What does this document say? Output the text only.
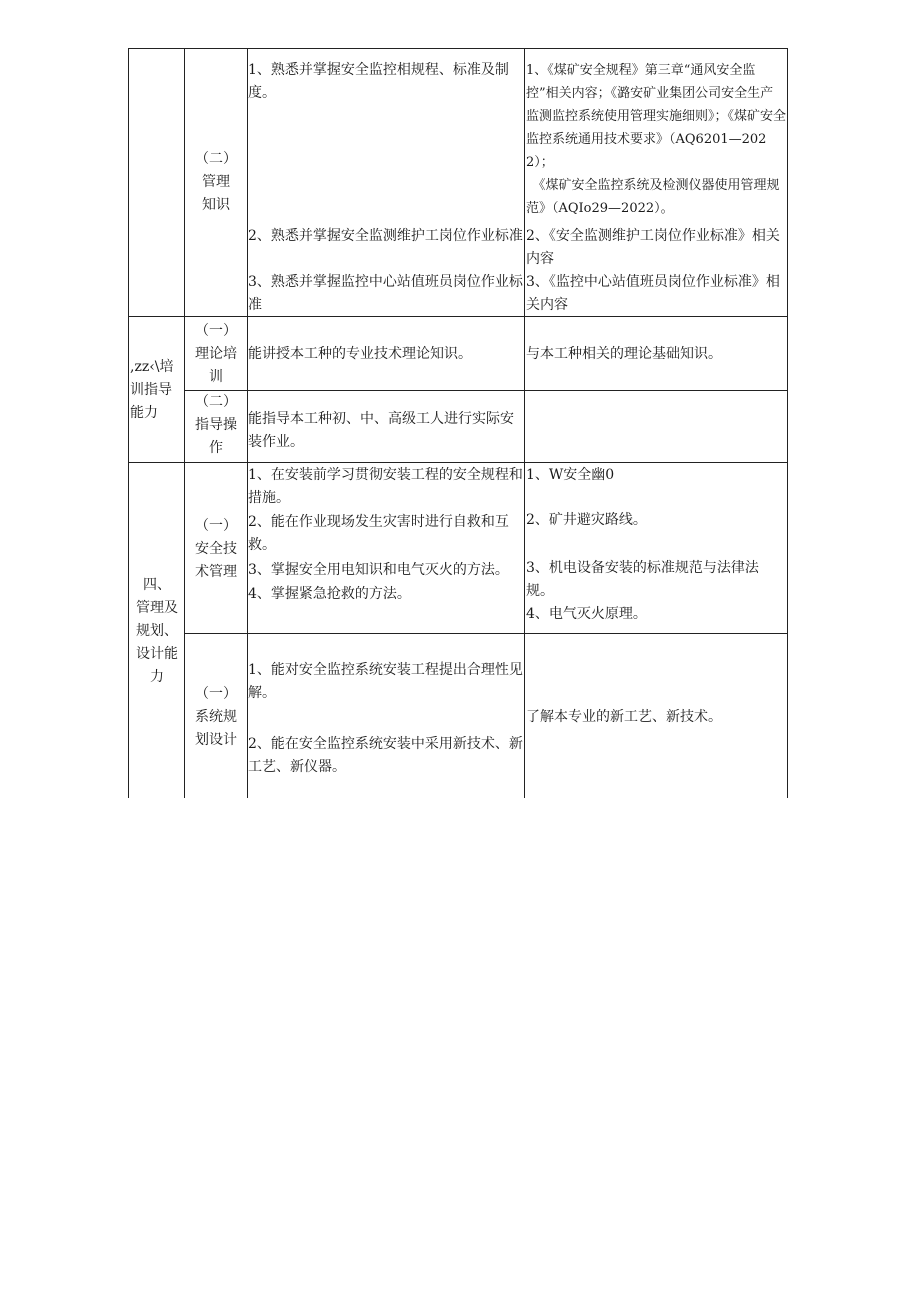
（二）
管理
知识
1、熟悉并掌握安全监控相规程、标准及制度。
1、《煤矿安全规程》第三章“通风安全监控”相关内容；《潞安矿业集团公司安全生产监测监控系统使用管理实施细则》；《煤矿安全监控系统通用技术要求》（AQ6201—2022）；
　《煤矿安全监控系统及检测仪器使用管理规范》（AQIo29—2022）。
2、熟悉并掌握安全监测维护工岗位作业标准 2、《安全监测维护工岗位作业标准》相关内容
3、熟悉并掌握监控中心站值班员岗位作业标准
3、《监控中心站值班员岗位作业标准》相关内容
,zz‹\培
训指导
能力
（一）
理论培
训
能讲授本工种的专业技术理论知识。	与本工种相关的理论基础知识。
（二）
指导操
作
能指导本工种初、中、高级工人进行实际安装作业。
四、
管理及
规划、
设计能
力
（一）
安全技
术管理
1、在安装前学习贯彻安装工程的安全规程和措施。
2、能在作业现场发生灾害时进行自救和互救。
3、掌握安全用电知识和电气灭火的方法。
4、掌握紧急抢救的方法。
1、W安全幽0
2、矿井避灾路线。
3、机电设备安装的标准规范与法律法规。
4、电气灭火原理。
（一）
系统规
划设计
1、能对安全监控系统安装工程提出合理性见解。
2、能在安全监控系统安装中采用新技术、新工艺、新仪器。
了解本专业的新工艺、新技术。
